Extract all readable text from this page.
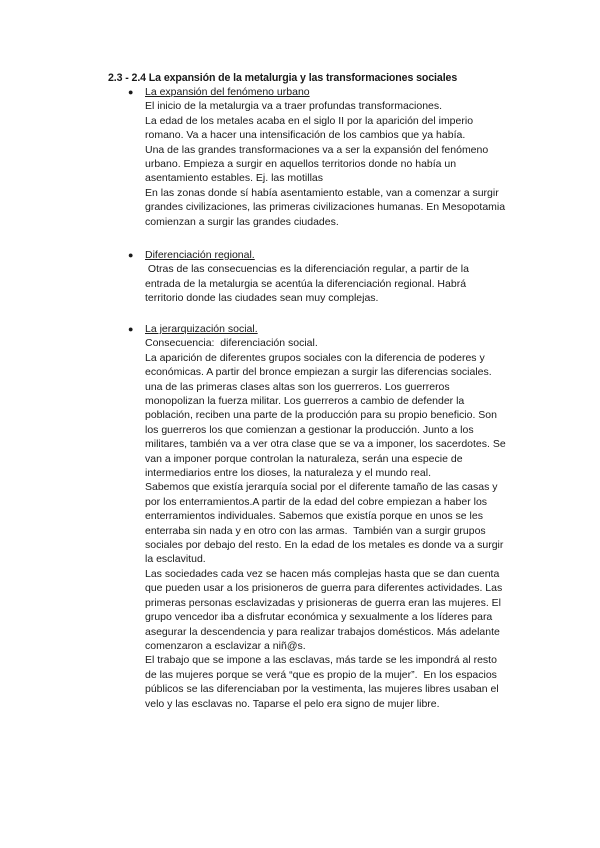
2.3 - 2.4 La expansión de la metalurgia y las transformaciones sociales
● La expansión del fenómeno urbano
El inicio de la metalurgia va a traer profundas transformaciones.
La edad de los metales acaba en el siglo II por la aparición del imperio
romano. Va a hacer una intensificación de los cambios que ya había.
Una de las grandes transformaciones va a ser la expansión del fenómeno
urbano. Empieza a surgir en aquellos territorios donde no había un
asentamiento estables. Ej. las motillas
En las zonas donde sí había asentamiento estable, van a comenzar a surgir
grandes civilizaciones, las primeras civilizaciones humanas. En Mesopotamia
comienzan a surgir las grandes ciudades.
● Diferenciación regional.
Otras de las consecuencias es la diferenciación regular, a partir de la
entrada de la metalurgia se acentúa la diferenciación regional. Habrá
territorio donde las ciudades sean muy complejas.
● La jerarquización social.
Consecuencia:  diferenciación social.
La aparición de diferentes grupos sociales con la diferencia de poderes y
económicas. A partir del bronce empiezan a surgir las diferencias sociales.
una de las primeras clases altas son los guerreros. Los guerreros
monopolizan la fuerza militar. Los guerreros a cambio de defender la
población, reciben una parte de la producción para su propio beneficio. Son
los guerreros los que comienzan a gestionar la producción. Junto a los
militares, también va a ver otra clase que se va a imponer, los sacerdotes. Se
van a imponer porque controlan la naturaleza, serán una especie de
intermediarios entre los dioses, la naturaleza y el mundo real.
Sabemos que existía jerarquía social por el diferente tamaño de las casas y
por los enterramientos.A partir de la edad del cobre empiezan a haber los
enterramientos individuales. Sabemos que existía porque en unos se les
enterraba sin nada y en otro con las armas.  También van a surgir grupos
sociales por debajo del resto. En la edad de los metales es donde va a surgir
la esclavitud.
Las sociedades cada vez se hacen más complejas hasta que se dan cuenta
que pueden usar a los prisioneros de guerra para diferentes actividades. Las
primeras personas esclavizadas y prisioneras de guerra eran las mujeres. El
grupo vencedor iba a disfrutar económica y sexualmente a los líderes para
asegurar la descendencia y para realizar trabajos domésticos. Más adelante
comenzaron a esclavizar a niñ@s.
El trabajo que se impone a las esclavas, más tarde se les impondrá al resto
de las mujeres porque se verá “que es propio de la mujer”.  En los espacios
públicos se las diferenciaban por la vestimenta, las mujeres libres usaban el
velo y las esclavas no. Taparse el pelo era signo de mujer libre.
